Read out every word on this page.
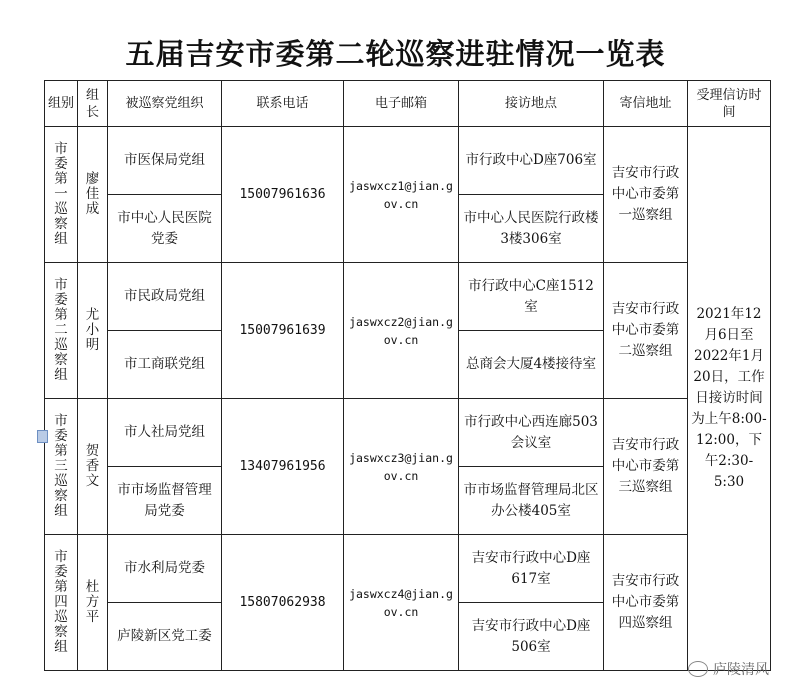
五届吉安市委第二轮巡察进驻情况一览表
组别	组长	被巡察党组织	联系电话	电子邮箱	接访地点	寄信地址	受理信访时间
市委第一巡察组	廖佳成	市医保局党组	15007961636	jaswxcz1@jian.gov.cn	市行政中心D座706室	吉安市行政中心市委第一巡察组	2021年12月6日至2022年1月20日，工作日接访时间为上午8:00-12:00，下午2:30-5:30
		市中心人民医院党委			市中心人民医院行政楼3楼306室		
市委第二巡察组	尤小明	市民政局党组	15007961639	jaswxcz2@jian.gov.cn	市行政中心C座1512室	吉安市行政中心市委第二巡察组	
		市工商联党组			总商会大厦4楼接待室		
市委第三巡察组	贺香文	市人社局党组	13407961956	jaswxcz3@jian.gov.cn	市行政中心西连廊503会议室	吉安市行政中心市委第三巡察组	
		市市场监督管理局党委			市市场监督管理局北区办公楼405室		
市委第四巡察组	杜方平	市水利局党委	15807062938	jaswxcz4@jian.gov.cn	吉安市行政中心D座617室	吉安市行政中心市委第四巡察组	
		庐陵新区党工委			吉安市行政中心D座506室		
庐陵清风
